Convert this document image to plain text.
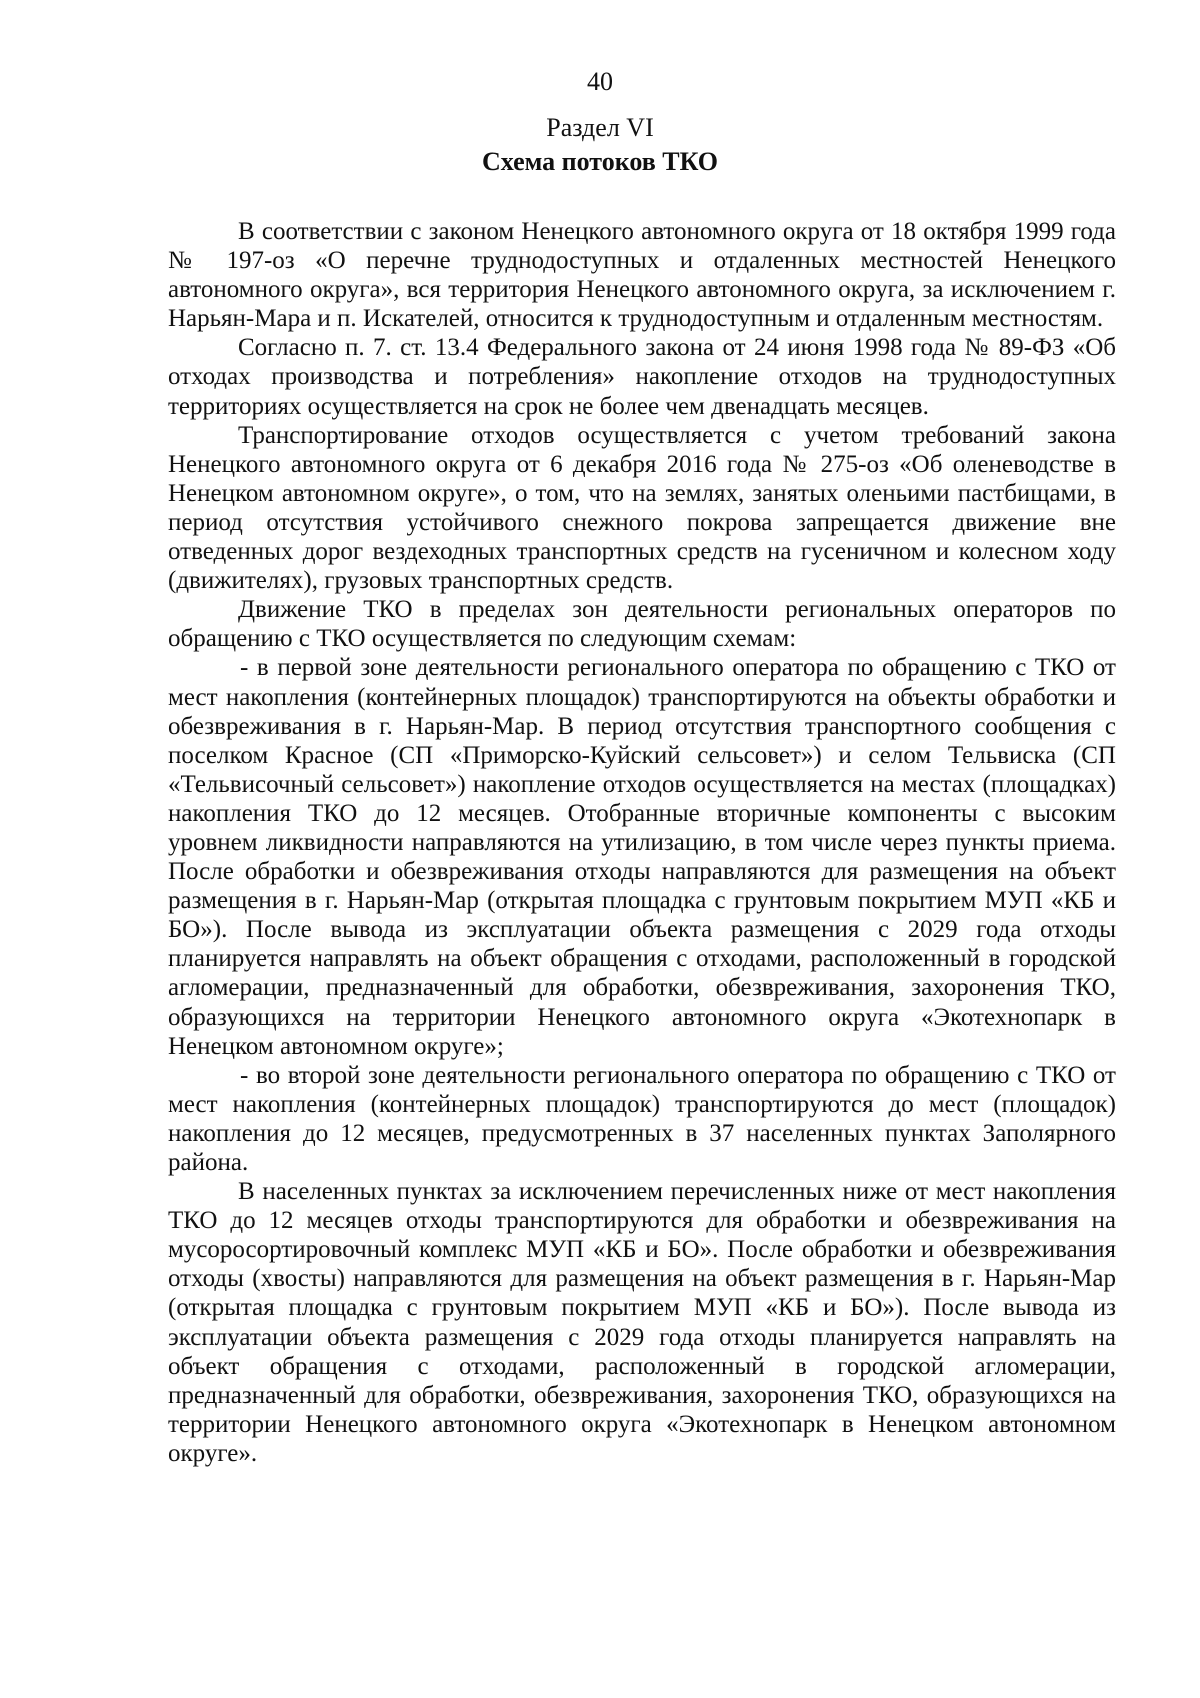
40
Раздел VI
Схема потоков ТКО

В соответствии с законом Ненецкого автономного округа от 18 октября 1999 года № 197-оз «О перечне труднодоступных и отдаленных местностей Ненецкого автономного округа», вся территория Ненецкого автономного округа, за исключением г. Нарьян-Мара и п. Искателей, относится к труднодоступным и отдаленным местностям.

Согласно п. 7. ст. 13.4 Федерального закона от 24 июня 1998 года № 89-ФЗ «Об отходах производства и потребления» накопление отходов на труднодоступных территориях осуществляется на срок не более чем двенадцать месяцев.

Транспортирование отходов осуществляется с учетом требований закона Ненецкого автономного округа от 6 декабря 2016 года № 275-оз «Об оленеводстве в Ненецком автономном округе», о том, что на землях, занятых оленьими пастбищами, в период отсутствия устойчивого снежного покрова запрещается движение вне отведенных дорог вездеходных транспортных средств на гусеничном и колесном ходу (движителях), грузовых транспортных средств.

Движение ТКО в пределах зон деятельности региональных операторов по обращению с ТКО осуществляется по следующим схемам:

- в первой зоне деятельности регионального оператора по обращению с ТКО от мест накопления (контейнерных площадок) транспортируются на объекты обработки и обезвреживания в г. Нарьян-Мар. В период отсутствия транспортного сообщения с поселком Красное (СП «Приморско-Куйский сельсовет») и селом Тельвиска (СП «Тельвисочный сельсовет») накопление отходов осуществляется на местах (площадках) накопления ТКО до 12 месяцев. Отобранные вторичные компоненты с высоким уровнем ликвидности направляются на утилизацию, в том числе через пункты приема. После обработки и обезвреживания отходы направляются для размещения на объект размещения в г. Нарьян-Мар (открытая площадка с грунтовым покрытием МУП «КБ и БО»). После вывода из эксплуатации объекта размещения с 2029 года отходы планируется направлять на объект обращения с отходами, расположенный в городской агломерации, предназначенный для обработки, обезвреживания, захоронения ТКО, образующихся на территории Ненецкого автономного округа «Экотехнопарк в Ненецком автономном округе»;

- во второй зоне деятельности регионального оператора по обращению с ТКО от мест накопления (контейнерных площадок) транспортируются до мест (площадок) накопления до 12 месяцев, предусмотренных в 37 населенных пунктах Заполярного района.

В населенных пунктах за исключением перечисленных ниже от мест накопления ТКО до 12 месяцев отходы транспортируются для обработки и обезвреживания на мусоросортировочный комплекс МУП «КБ и БО». После обработки и обезвреживания отходы (хвосты) направляются для размещения на объект размещения в г. Нарьян-Мар (открытая площадка с грунтовым покрытием МУП «КБ и БО»). После вывода из эксплуатации объекта размещения с 2029 года отходы планируется направлять на объект обращения с отходами, расположенный в городской агломерации, предназначенный для обработки, обезвреживания, захоронения ТКО, образующихся на территории Ненецкого автономного округа «Экотехнопарк в Ненецком автономном округе».
